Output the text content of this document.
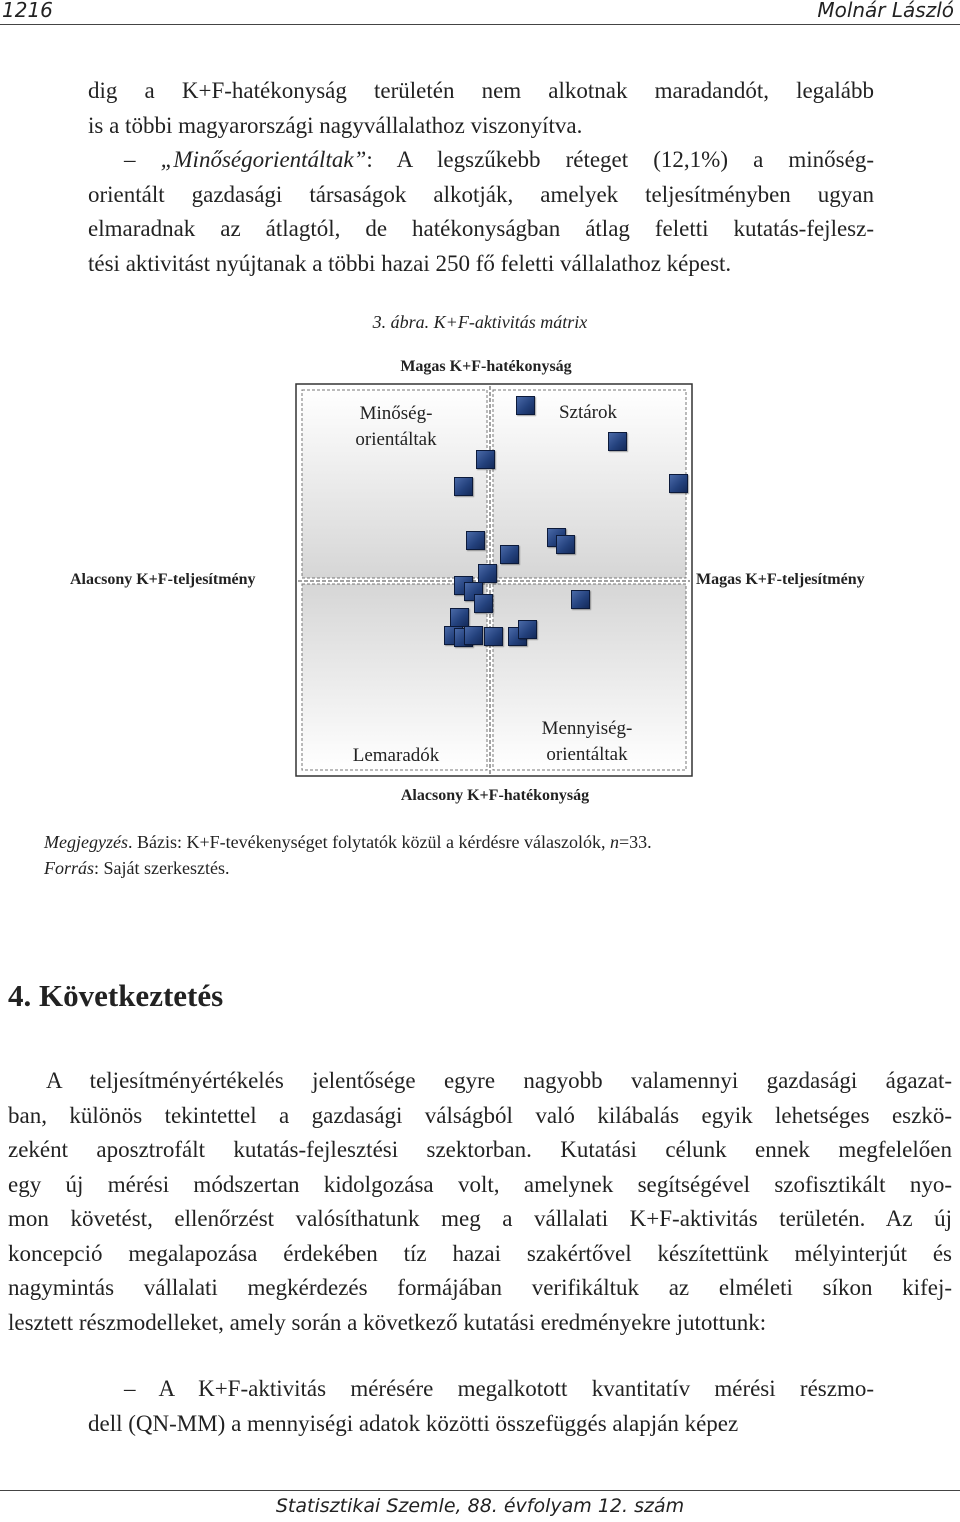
1216	Molnár László
dig a K+F-hatékonyság területén nem alkotnak maradandót, legalább
is a többi magyarországi nagyvállalathoz viszonyítva.
– „Minőségorientáltak”: A legszűkebb réteget (12,1%) a minőség-
orientált gazdasági társaságok alkotják, amelyek teljesítményben ugyan
elmaradnak az átlagtól, de hatékonyságban átlag feletti kutatás-fejlesz-
tési aktivitást nyújtanak a többi hazai 250 fő feletti vállalathoz képest.
3. ábra. K+F-aktivitás mátrix
Magas K+F-hatékonyság
Alacsony K+F-hatékonyság
Alacsony K+F-teljesítmény	Magas K+F-teljesítmény
Minőség-
orientáltak
Sztárok
Lemaradók
Mennyiség-
orientáltak
Megjegyzés. Bázis: K+F-tevékenységet folytatók közül a kérdésre válaszolók, n=33.
Forrás: Saját szerkesztés.
4. Következtetés
A teljesítményértékelés jelentősége egyre nagyobb valamennyi gazdasági ágazat-
ban, különös tekintettel a gazdasági válságból való kilábalás egyik lehetséges eszkö-
zeként aposztrofált kutatás-fejlesztési szektorban. Kutatási célunk ennek megfelelően
egy új mérési módszertan kidolgozása volt, amelynek segítségével szofisztikált nyo-
mon követést, ellenőrzést valósíthatunk meg a vállalati K+F-aktivitás területén. Az új
koncepció megalapozása érdekében tíz hazai szakértővel készítettünk mélyinterjút és
nagymintás vállalati megkérdezés formájában verifikáltuk az elméleti síkon kifej-
lesztett részmodelleket, amely során a következő kutatási eredményekre jutottunk:
– A K+F-aktivitás mérésére megalkotott kvantitatív mérési részmo-
dell (QN-MM) a mennyiségi adatok közötti összefüggés alapján képez
Statisztikai Szemle, 88. évfolyam 12. szám
